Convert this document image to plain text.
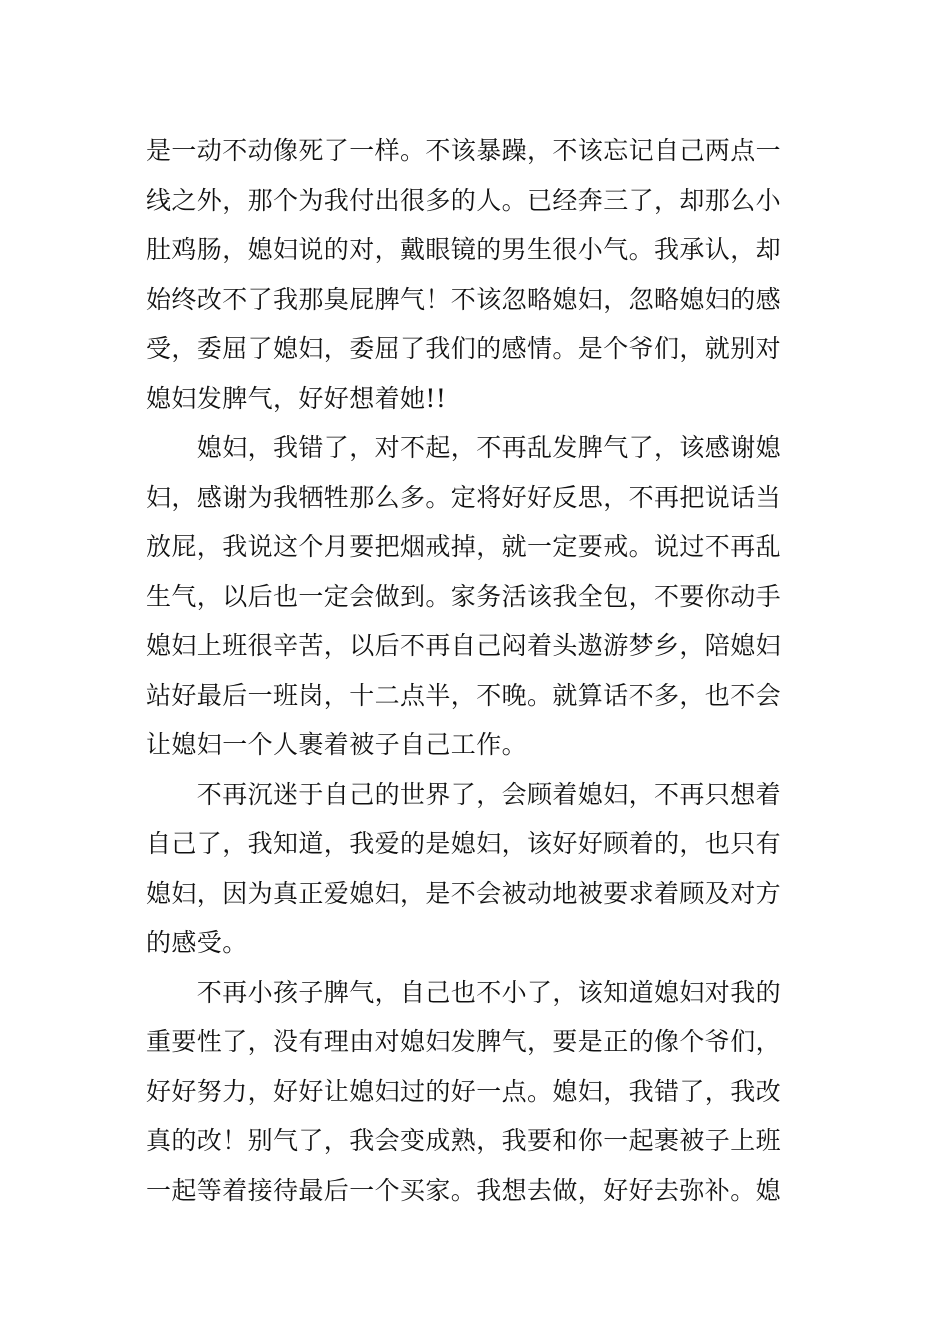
是一动不动像死了一样。不该暴躁，不该忘记自己两点一
线之外，那个为我付出很多的人。已经奔三了，却那么小
肚鸡肠，媳妇说的对，戴眼镜的男生很小气。我承认，却
始终改不了我那臭屁脾气！不该忽略媳妇，忽略媳妇的感
受，委屈了媳妇，委屈了我们的感情。是个爷们，就别对
媳妇发脾气，好好想着她!!
　　媳妇，我错了，对不起，不再乱发脾气了，该感谢媳
妇，感谢为我牺牲那么多。定将好好反思，不再把说话当
放屁，我说这个月要把烟戒掉，就一定要戒。说过不再乱
生气，以后也一定会做到。家务活该我全包，不要你动手
媳妇上班很辛苦，以后不再自己闷着头遨游梦乡，陪媳妇
站好最后一班岗，十二点半，不晚。就算话不多，也不会
让媳妇一个人裹着被子自己工作。
　　不再沉迷于自己的世界了，会顾着媳妇，不再只想着
自己了，我知道，我爱的是媳妇，该好好顾着的，也只有
媳妇，因为真正爱媳妇，是不会被动地被要求着顾及对方
的感受。
　　不再小孩子脾气，自己也不小了，该知道媳妇对我的
重要性了，没有理由对媳妇发脾气，要是正的像个爷们，
好好努力，好好让媳妇过的好一点。媳妇，我错了，我改
真的改！别气了，我会变成熟，我要和你一起裹被子上班
一起等着接待最后一个买家。我想去做，好好去弥补。媳
